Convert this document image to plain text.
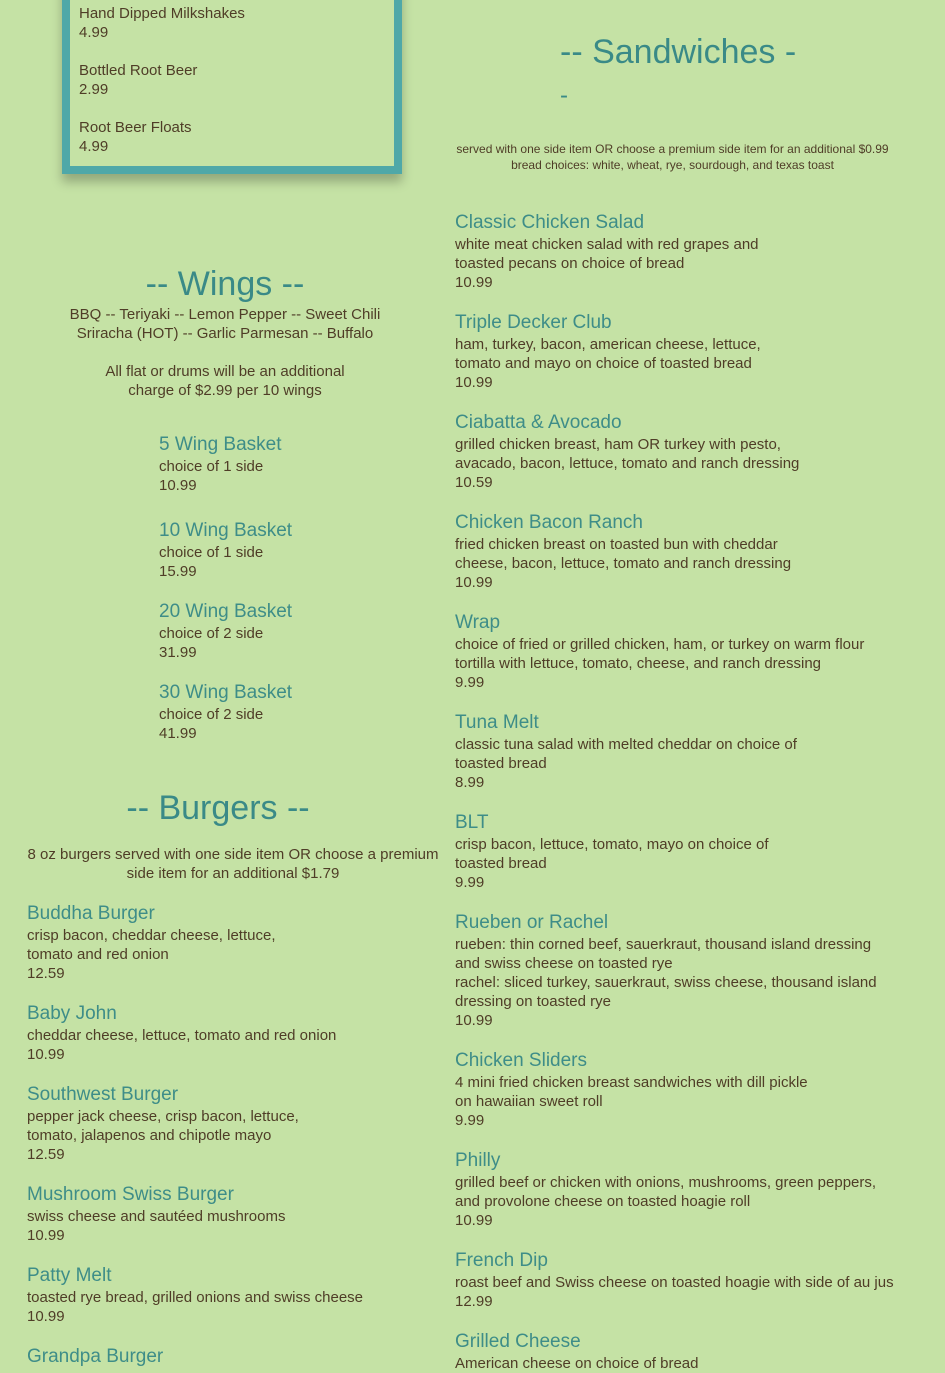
Hand Dipped Milkshakes
4.99
Bottled Root Beer
2.99
Root Beer Floats
4.99
-- Sandwiches -
-
served with one side item OR choose a premium side item for an additional $0.99
bread choices: white, wheat, rye, sourdough, and texas toast
Classic Chicken Salad
white meat chicken salad with red grapes and
toasted pecans on choice of bread
10.99
Triple Decker Club
ham, turkey, bacon, american cheese, lettuce,
tomato and mayo on choice of toasted bread
10.99
Ciabatta & Avocado
grilled chicken breast, ham OR turkey with pesto,
avacado, bacon, lettuce, tomato and ranch dressing
10.59
Chicken Bacon Ranch
fried chicken breast on toasted bun with cheddar
cheese, bacon, lettuce, tomato and ranch dressing
10.99
Wrap
choice of fried or grilled chicken, ham, or turkey on warm flour
tortilla with lettuce, tomato, cheese, and ranch dressing
9.99
Tuna Melt
classic tuna salad with melted cheddar on choice of
toasted bread
8.99
BLT
crisp bacon, lettuce, tomato, mayo on choice of
toasted bread
9.99
Rueben or Rachel
rueben: thin corned beef, sauerkraut, thousand island dressing
and swiss cheese on toasted rye
rachel: sliced turkey, sauerkraut, swiss cheese, thousand island
dressing on toasted rye
10.99
Chicken Sliders
4 mini fried chicken breast sandwiches with dill pickle
on hawaiian sweet roll
9.99
Philly
grilled beef or chicken with onions, mushrooms, green peppers,
and provolone cheese on toasted hoagie roll
10.99
French Dip
roast beef and Swiss cheese on toasted hoagie with side of au jus
12.99
Grilled Cheese
American cheese on choice of bread
-- Wings --
BBQ -- Teriyaki -- Lemon Pepper -- Sweet Chili
Sriracha (HOT) -- Garlic Parmesan -- Buffalo
All flat or drums will be an additional
charge of $2.99 per 10 wings
5 Wing Basket
choice of 1 side
10.99
10 Wing Basket
choice of 1 side
15.99
20 Wing Basket
choice of 2 side
31.99
30 Wing Basket
choice of 2 side
41.99
-- Burgers --
8 oz burgers served with one side item OR choose a premium
side item for an additional $1.79
Buddha Burger
crisp bacon, cheddar cheese, lettuce,
tomato and red onion
12.59
Baby John
cheddar cheese, lettuce, tomato and red onion
10.99
Southwest Burger
pepper jack cheese, crisp bacon, lettuce,
tomato, jalapenos and chipotle mayo
12.59
Mushroom Swiss Burger
swiss cheese and sautéed mushrooms
10.99
Patty Melt
toasted rye bread, grilled onions and swiss cheese
10.99
Grandpa Burger
